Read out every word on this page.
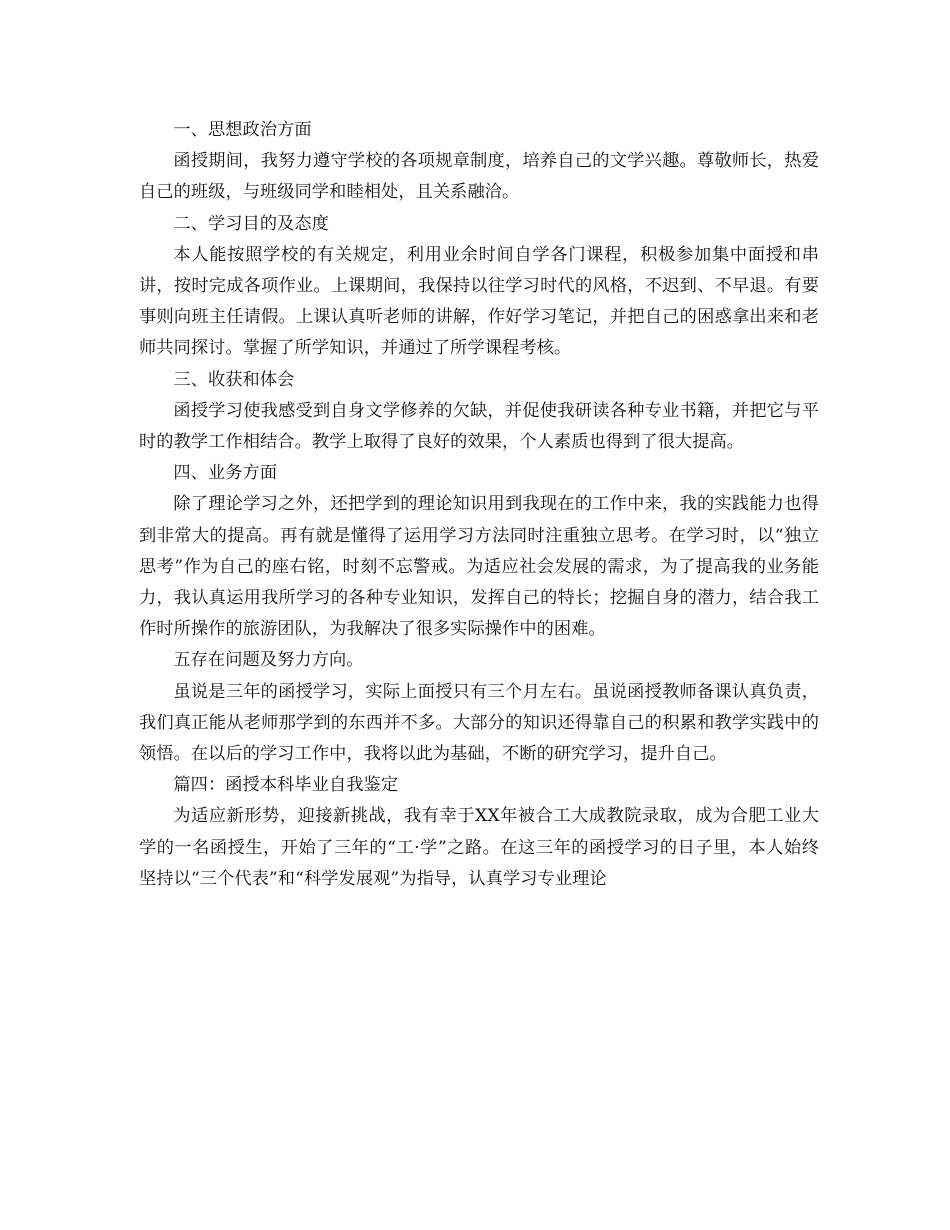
一、思想政治方面

函授期间，我努力遵守学校的各项规章制度，培养自己的文学兴趣。尊敬师长，热爱自己的班级，与班级同学和睦相处，且关系融洽。

二、学习目的及态度

本人能按照学校的有关规定，利用业余时间自学各门课程，积极参加集中面授和串讲，按时完成各项作业。上课期间，我保持以往学习时代的风格，不迟到、不早退。有要事则向班主任请假。上课认真听老师的讲解，作好学习笔记，并把自己的困惑拿出来和老师共同探讨。掌握了所学知识，并通过了所学课程考核。

三、收获和体会

函授学习使我感受到自身文学修养的欠缺，并促使我研读各种专业书籍，并把它与平时的教学工作相结合。教学上取得了良好的效果，个人素质也得到了很大提高。

四、业务方面

除了理论学习之外，还把学到的理论知识用到我现在的工作中来，我的实践能力也得到非常大的提高。再有就是懂得了运用学习方法同时注重独立思考。在学习时，以“独立思考”作为自己的座右铭，时刻不忘警戒。为适应社会发展的需求，为了提高我的业务能力，我认真运用我所学习的各种专业知识，发挥自己的特长；挖掘自身的潜力，结合我工作时所操作的旅游团队，为我解决了很多实际操作中的困难。

五存在问题及努力方向。

虽说是三年的函授学习，实际上面授只有三个月左右。虽说函授教师备课认真负责，我们真正能从老师那学到的东西并不多。大部分的知识还得靠自己的积累和教学实践中的领悟。在以后的学习工作中，我将以此为基础，不断的研究学习，提升自己。

篇四：函授本科毕业自我鉴定

为适应新形势，迎接新挑战，我有幸于XX年被合工大成教院录取，成为合肥工业大学的一名函授生，开始了三年的“工·学”之路。在这三年的函授学习的日子里，本人始终坚持以“三个代表”和“科学发展观”为指导，认真学习专业理论
